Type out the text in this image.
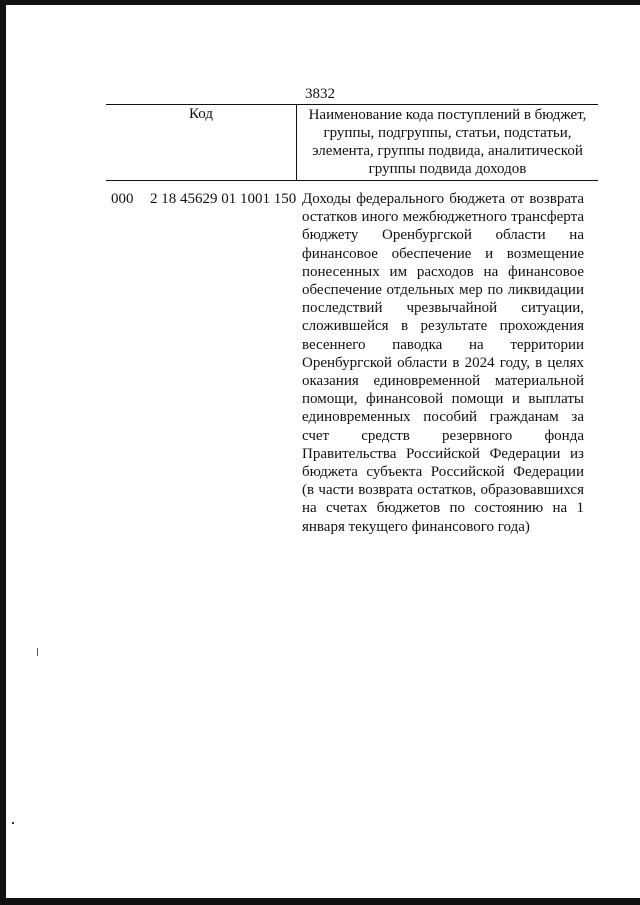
3832
Код	Наименование кода поступлений в бюджет, группы, подгруппы, статьи, подстатьи, элемента, группы подвида, аналитической группы подвида доходов
000 2 18 45629 01 1001 150 Доходы федерального бюджета от возврата остатков иного межбюджетного трансферта бюджету Оренбургской области на финансовое обеспечение и возмещение понесенных им расходов на финансовое обеспечение отдельных мер по ликвидации последствий чрезвычайной ситуации, сложившейся в результате прохождения весеннего паводка на территории Оренбургской области в 2024 году, в целях оказания единовременной материальной помощи, финансовой помощи и выплаты единовременных пособий гражданам за счет средств резервного фонда Правительства Российской Федерации из бюджета субъекта Российской Федерации (в части возврата остатков, образовавшихся на счетах бюджетов по состоянию на 1 января текущего финансового года)
